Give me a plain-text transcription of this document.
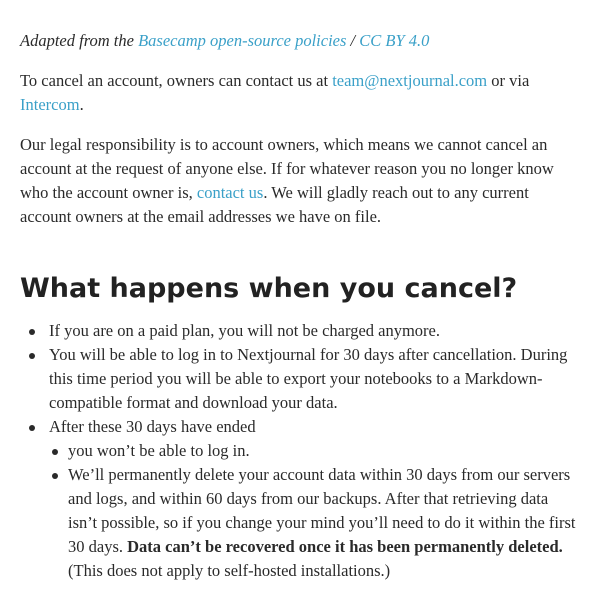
Adapted from the Basecamp open-source policies / CC BY 4.0

To cancel an account, owners can contact us at team@nextjournal.com or via Intercom.

Our legal responsibility is to account owners, which means we cannot cancel an account at the request of anyone else. If for whatever reason you no longer know who the account owner is, contact us. We will gladly reach out to any current account owners at the email addresses we have on file.

What happens when you cancel?
If you are on a paid plan, you will not be charged anymore.
You will be able to log in to Nextjournal for 30 days after cancellation. During this time period you will be able to export your notebooks to a Markdown-compatible format and download your data.
After these 30 days have ended
you won’t be able to log in.
We’ll permanently delete your account data within 30 days from our servers and logs, and within 60 days from our backups. After that retrieving data isn’t possible, so if you change your mind you’ll need to do it within the first 30 days. Data can’t be recovered once it has been permanently deleted. (This does not apply to self-hosted installations.)
